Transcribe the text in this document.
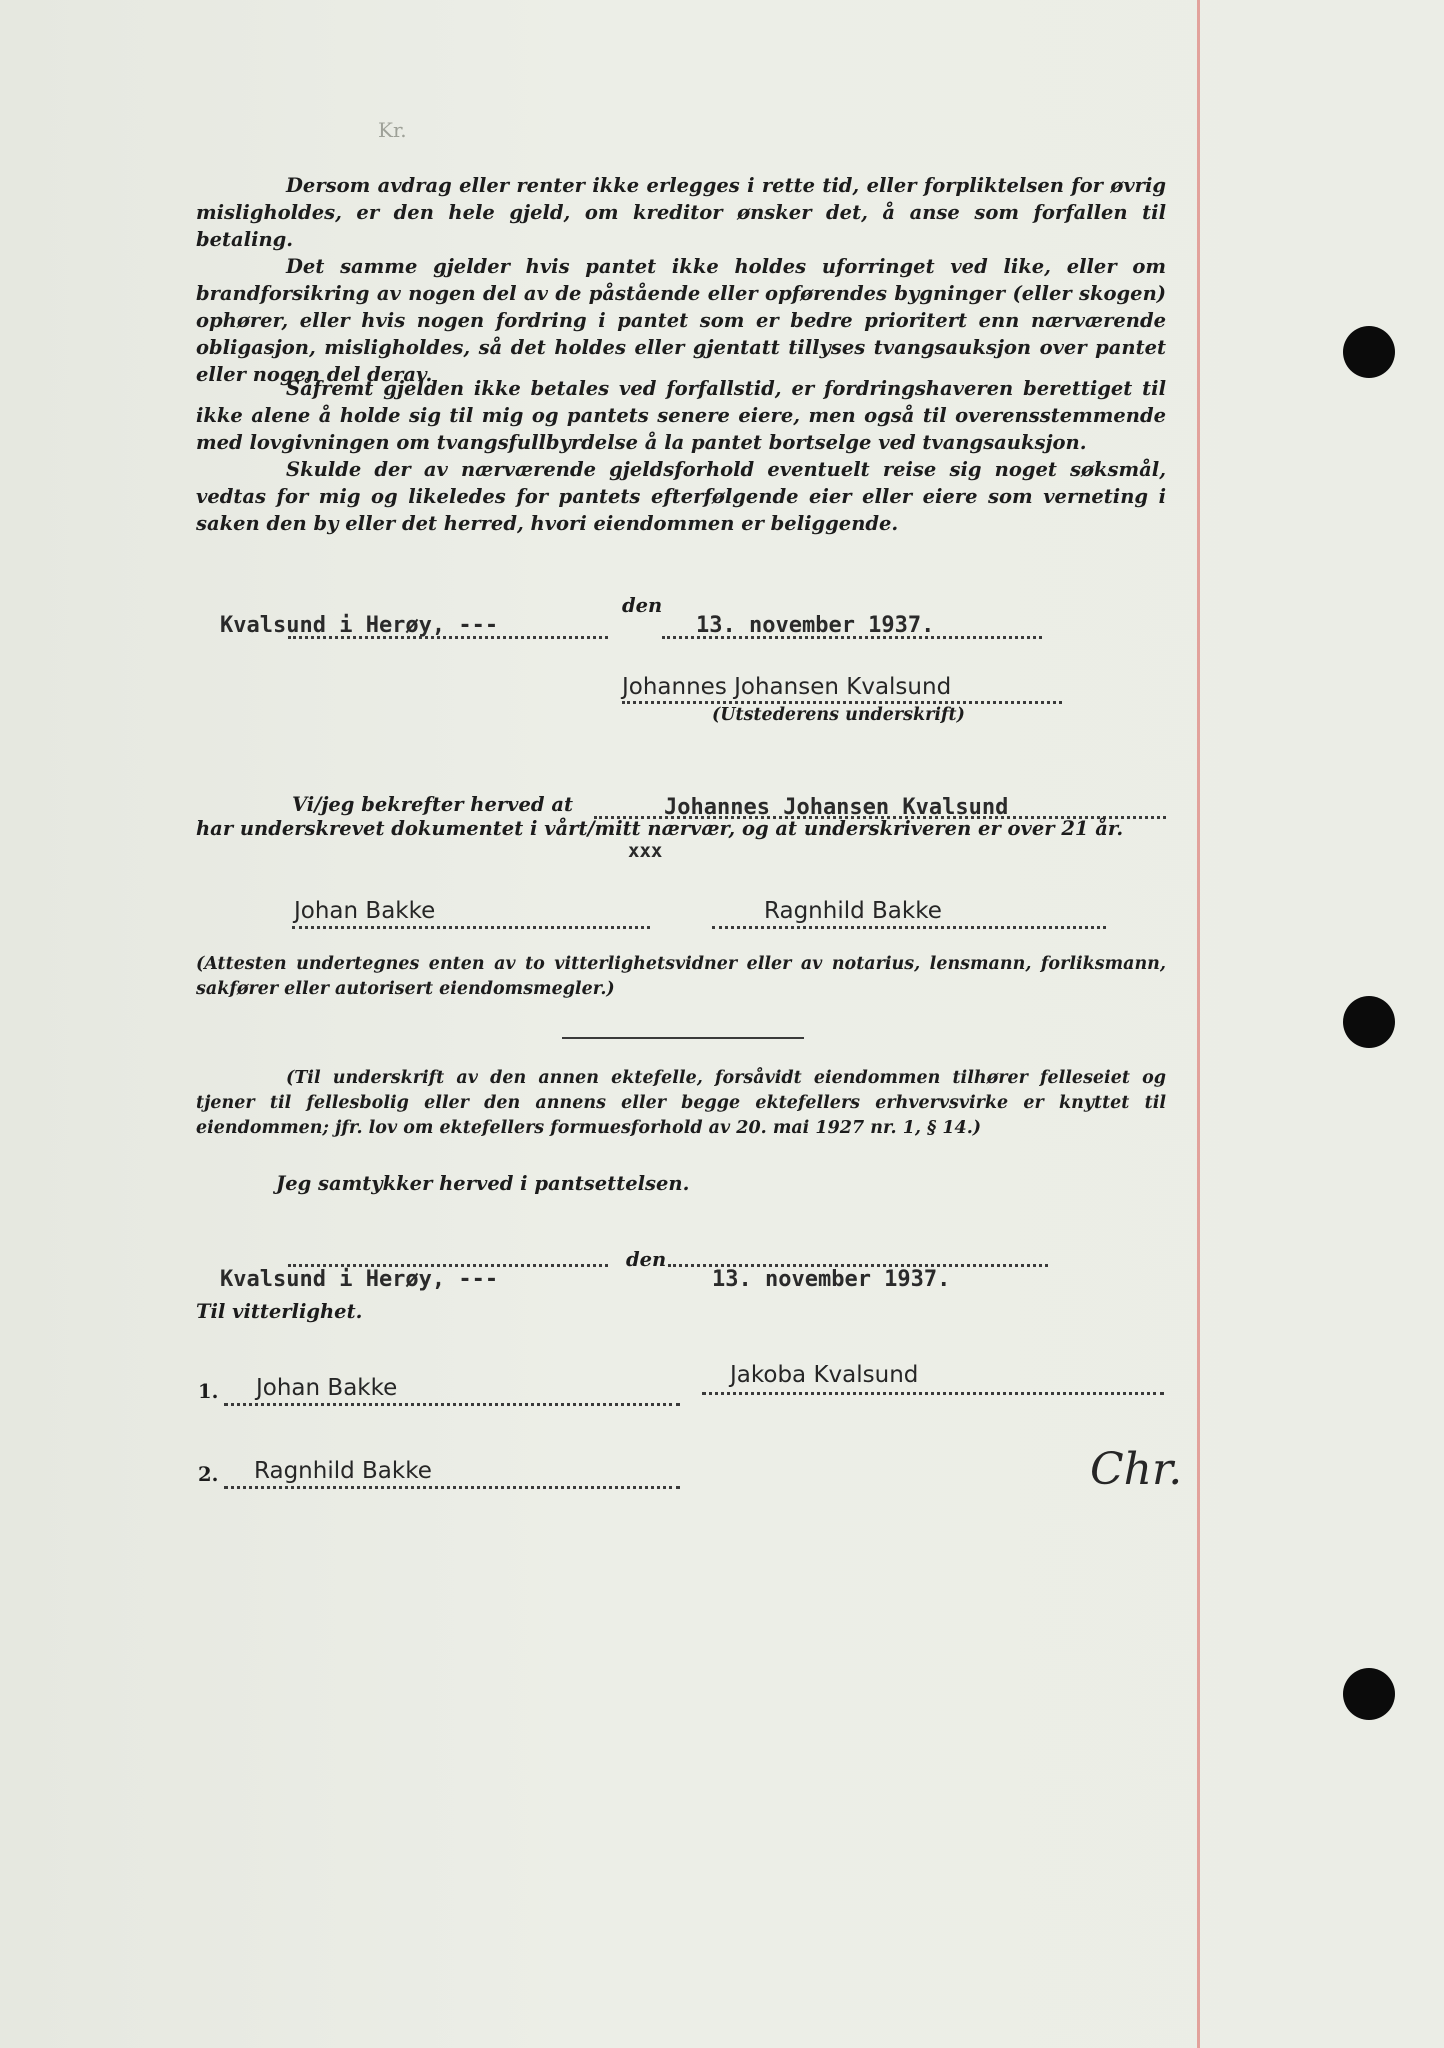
Kr.

Dersom avdrag eller renter ikke erlegges i rette tid, eller forpliktelsen for øvrig misligholdes, er den hele gjeld, om kreditor ønsker det, å anse som forfallen til betaling.

Det samme gjelder hvis pantet ikke holdes uforringet ved like, eller om brandforsikring av nogen del av de påstående eller opførendes bygninger (eller skogen) ophører, eller hvis nogen fordring i pantet som er bedre prioritert enn nærværende obligasjon, misligholdes, så det holdes eller gjentatt tillyses tvangsauksjon over pantet eller nogen del derav.

Såfremt gjelden ikke betales ved forfallstid, er fordringshaveren berettiget til ikke alene å holde sig til mig og pantets senere eiere, men også til overensstemmende med lovgivningen om tvangsfullbyrdelse å la pantet bortselge ved tvangsauksjon.

Skulde der av nærværende gjeldsforhold eventuelt reise sig noget søksmål, vedtas for mig og likeledes for pantets efterfølgende eier eller eiere som verneting i saken den by eller det herred, hvori eiendommen er beliggende.

Kvalsund i Herøy, ---
den
13. november 1937.
Johannes Johansen Kvalsund
(Utstederens underskrift)
Vi/jeg bekrefter herved at	Johannes Johansen Kvalsund
har underskrevet dokumentet i vårt/mitt nærvær, og at underskriveren er over 21 år.
xxx
Johan Bakke	Ragnhild Bakke

(Attesten undertegnes enten av to vitterlighetsvidner eller av notarius, lensmann, forliksmann, sakfører eller autorisert eiendomsmegler.)

(Til underskrift av den annen ektefelle, forsåvidt eiendommen tilhører felleseiet og tjener til fellesbolig eller den annens eller begge ektefellers erhvervsvirke er knyttet til eiendommen; jfr. lov om ektefellers formuesforhold av 20. mai 1927 nr. 1, § 14.)

Jeg samtykker herved i pantsettelsen.
Kvalsund i Herøy, ---
den
13. november 1937.
Til vitterlighet.
1. Johan Bakke	Jakoba Kvalsund
2. Ragnhild Bakke	Chr.
